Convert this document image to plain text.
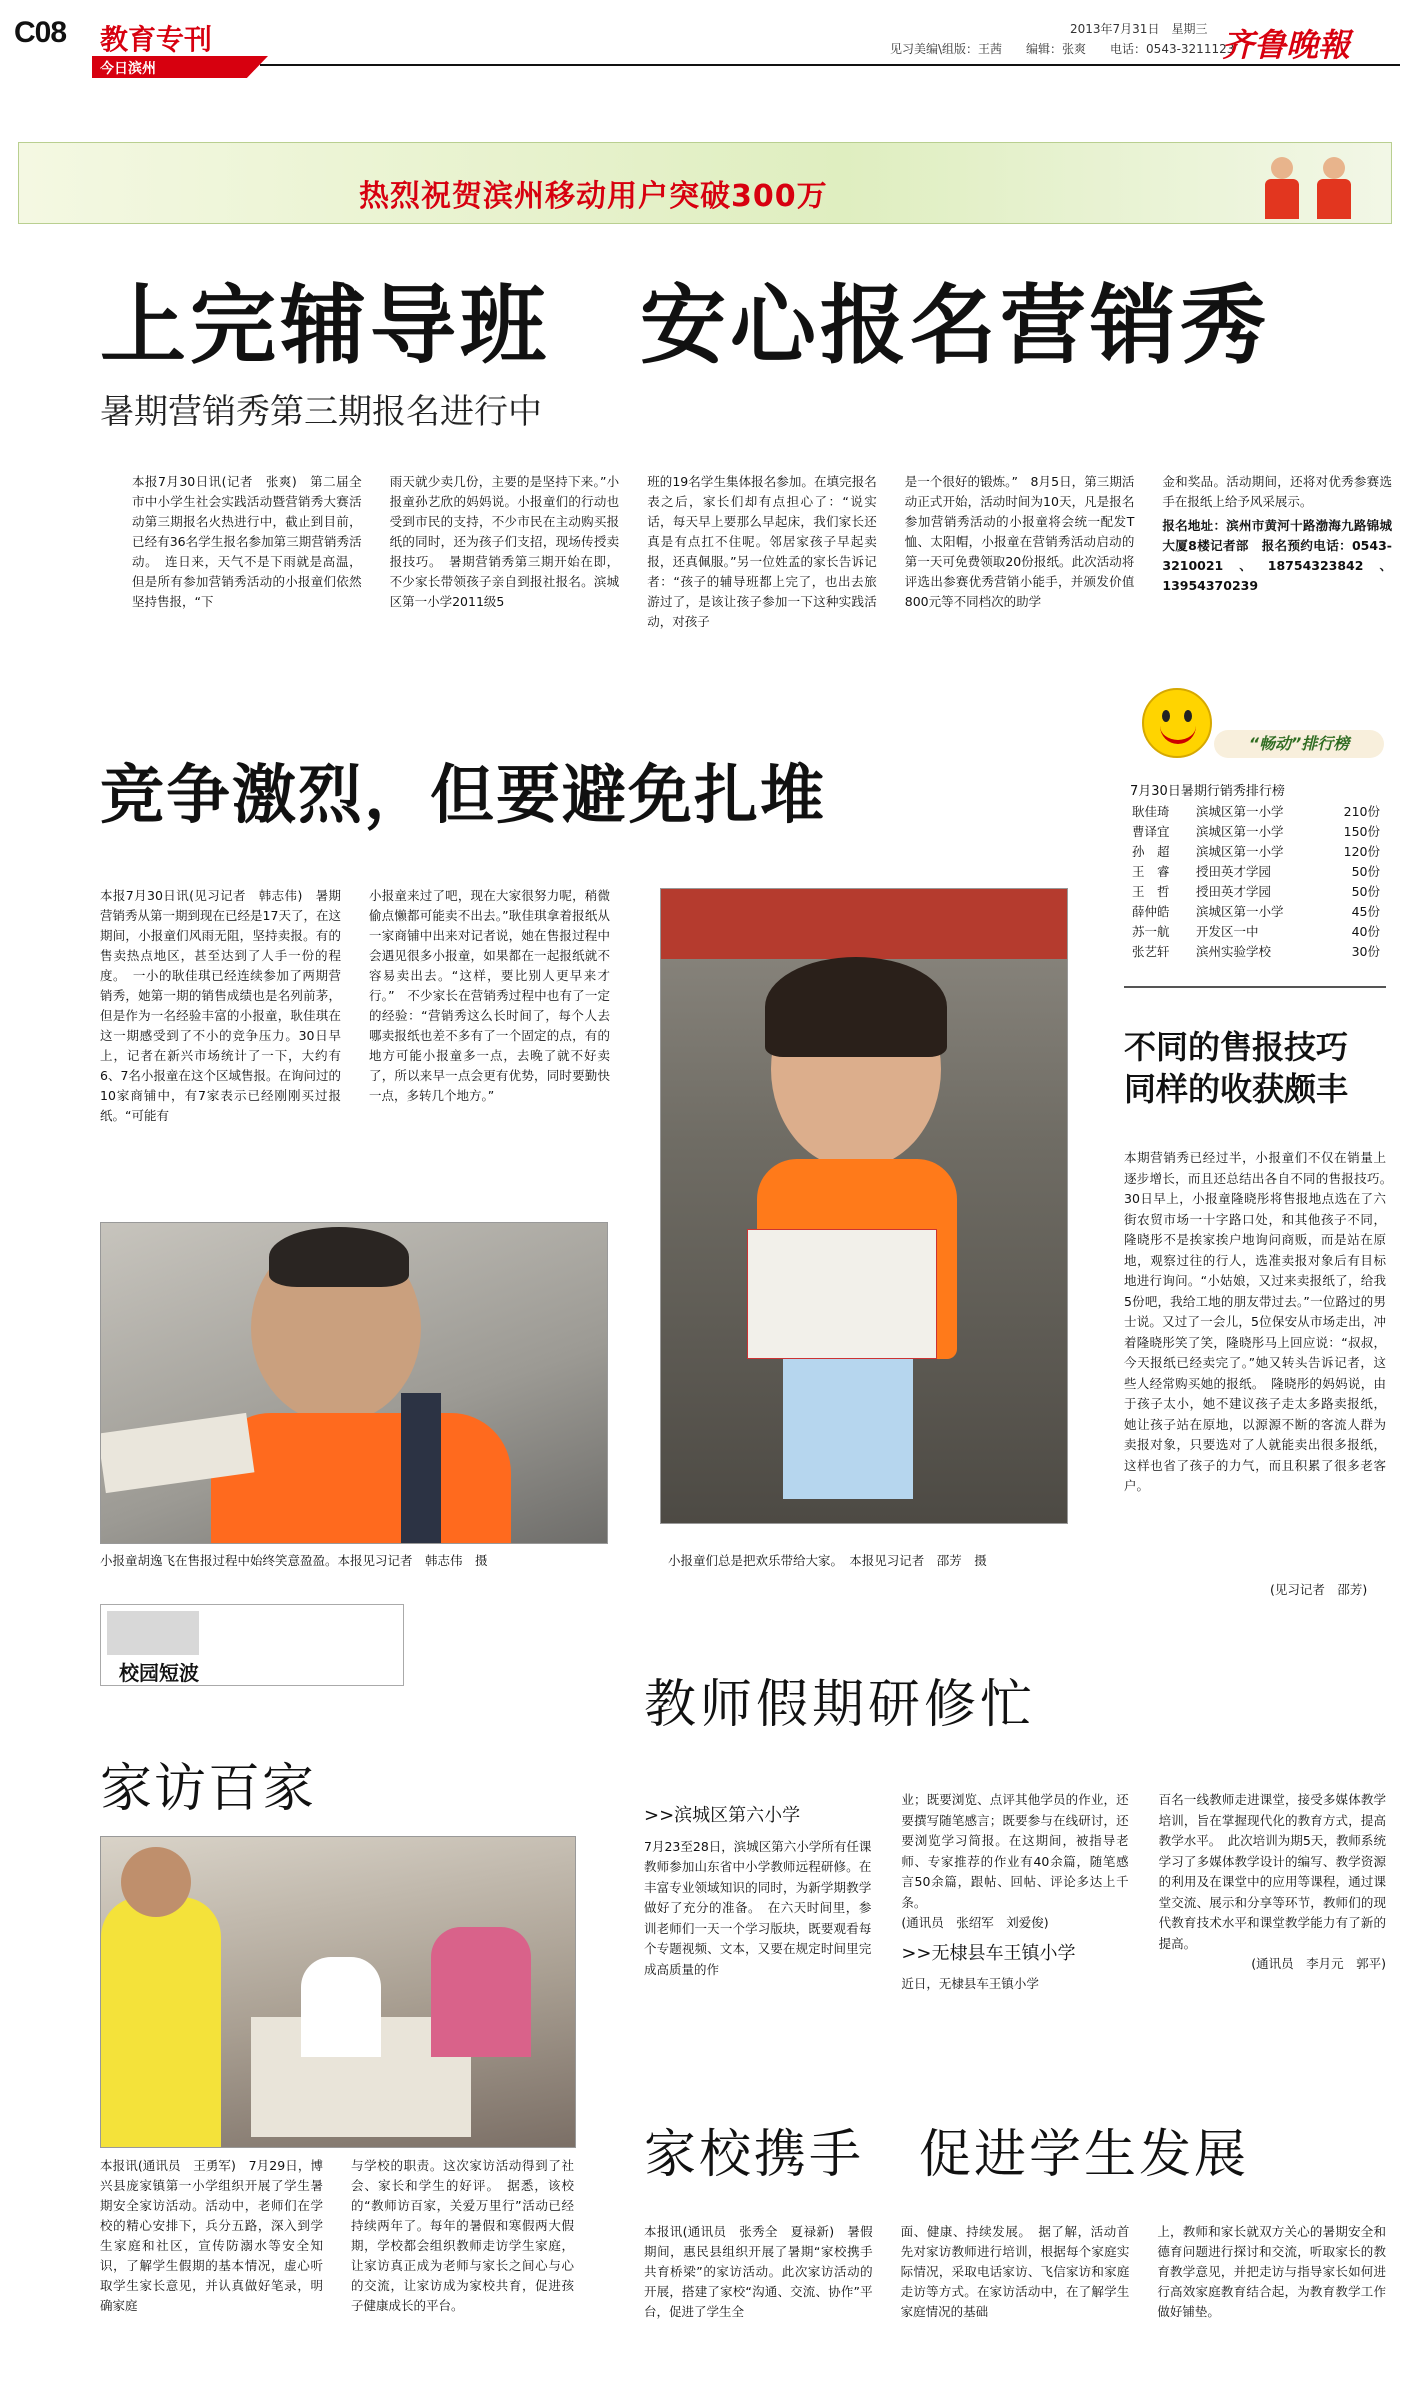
C08 教育专刊
今日滨州
2013年7月31日　星期三
见习美编\组版：王茜　　编辑：张爽　　电话：0543-3211123
齐鲁晚報
热烈祝贺滨州移动用户突破300万
上完辅导班　安心报名营销秀
暑期营销秀第三期报名进行中

本报7月30日讯(记者　张爽)　第二届全市中小学生社会实践活动暨营销秀大赛活动第三期报名火热进行中，截止到目前，已经有36名学生报名参加第三期营销秀活动。　连日来，天气不是下雨就是高温，但是所有参加营销秀活动的小报童们依然坚持售报，“下

雨天就少卖几份，主要的是坚持下来。”小报童孙艺欣的妈妈说。小报童们的行动也受到市民的支持，不少市民在主动购买报纸的同时，还为孩子们支招，现场传授卖报技巧。　暑期营销秀第三期开始在即，不少家长带领孩子亲自到报社报名。滨城区第一小学2011级5

班的19名学生集体报名参加。在填完报名表之后，家长们却有点担心了：“说实话，每天早上要那么早起床，我们家长还真是有点扛不住呢。邻居家孩子早起卖报，还真佩服。”另一位姓孟的家长告诉记者：“孩子的辅导班都上完了，也出去旅游过了，是该让孩子参加一下这种实践活动，对孩子

是一个很好的锻炼。”　8月5日，第三期活动正式开始，活动时间为10天，凡是报名参加营销秀活动的小报童将会统一配发T恤、太阳帽，小报童在营销秀活动启动的第一天可免费领取20份报纸。此次活动将评选出参赛优秀营销小能手，并颁发价值800元等不同档次的助学

金和奖品。活动期间，还将对优秀参赛选手在报纸上给予风采展示。

报名地址：滨州市黄河十路渤海九路锦城大厦8楼记者部　报名预约电话：0543-3210021、18754323842、13954370239

竞争激烈，但要避免扎堆

本报7月30日讯(见习记者　韩志伟)　暑期营销秀从第一期到现在已经是17天了，在这期间，小报童们风雨无阻，坚持卖报。有的售卖热点地区，甚至达到了人手一份的程度。　一小的耿佳琪已经连续参加了两期营销秀，她第一期的销售成绩也是名列前茅，但是作为一名经验丰富的小报童，耿佳琪在这一期感受到了不小的竞争压力。30日早上，记者在新兴市场统计了一下，大约有6、7名小报童在这个区域售报。在询问过的10家商铺中，有7家表示已经刚刚买过报纸。“可能有

小报童来过了吧，现在大家很努力呢，稍微偷点懒都可能卖不出去。”耿佳琪拿着报纸从一家商铺中出来对记者说，她在售报过程中会遇见很多小报童，如果都在一起报纸就不容易卖出去。“这样，要比别人更早来才行。”　不少家长在营销秀过程中也有了一定的经验：“营销秀这么长时间了，每个人去哪卖报纸也差不多有了一个固定的点，有的地方可能小报童多一点，去晚了就不好卖了，所以来早一点会更有优势，同时要勤快一点，多转几个地方。”

小报童胡逸飞在售报过程中始终笑意盈盈。本报见习记者　韩志伟　摄	小报童们总是把欢乐带给大家。　本报见习记者　邵芳　摄
“畅动”排行榜
7月30日暑期行销秀排行榜
耿佳琦	滨城区第一小学	210份
曹译宜	滨城区第一小学	150份
孙　超	滨城区第一小学	120份
王　睿	授田英才学园	50份
王　哲	授田英才学园	50份
薛仲皓	滨城区第一小学	45份
苏一航	开发区一中	40份
张艺轩	滨州实验学校	30份
不同的售报技巧
同样的收获颇丰
本期营销秀已经过半，小报童们不仅在销量上逐步增长，而且还总结出各自不同的售报技巧。　30日早上，小报童隆晓彤将售报地点选在了六街农贸市场一十字路口处，和其他孩子不同，隆晓彤不是挨家挨户地询问商贩，而是站在原地，观察过往的行人，选准卖报对象后有目标地进行询问。“小姑娘，又过来卖报纸了，给我5份吧，我给工地的朋友带过去。”一位路过的男士说。又过了一会儿，5位保安从市场走出，冲着隆晓彤笑了笑，隆晓彤马上回应说：“叔叔，今天报纸已经卖完了。”她又转头告诉记者，这些人经常购买她的报纸。　隆晓彤的妈妈说，由于孩子太小，她不建议孩子走太多路卖报纸，她让孩子站在原地，以源源不断的客流人群为卖报对象，只要选对了人就能卖出很多报纸，这样也省了孩子的力气，而且积累了很多老客户。
(见习记者　邵芳)
校园短波
家访百家

本报讯(通讯员　王勇军)　7月29日，博兴县庞家镇第一小学组织开展了学生暑期安全家访活动。活动中，老师们在学校的精心安排下，兵分五路，深入到学生家庭和社区，宣传防溺水等安全知识，了解学生假期的基本情况，虚心听取学生家长意见，并认真做好笔录，明确家庭

与学校的职责。这次家访活动得到了社会、家长和学生的好评。　据悉，该校的“教师访百家，关爱万里行”活动已经持续两年了。每年的暑假和寒假两大假期，学校都会组织教师走访学生家庭，让家访真正成为老师与家长之间心与心的交流，让家访成为家校共育，促进孩子健康成长的平台。

教师假期研修忙
>>滨城区第六小学

7月23至28日，滨城区第六小学所有任课教师参加山东省中小学教师远程研修。在丰富专业领域知识的同时，为新学期教学做好了充分的准备。　在六天时间里，参训老师们一天一个学习版块，既要观看每个专题视频、文本，又要在规定时间里完成高质量的作

业；既要浏览、点评其他学员的作业，还要撰写随笔感言；既要参与在线研讨，还要浏览学习简报。在这期间，被指导老师、专家推荐的作业有40余篇，随笔感言50余篇，跟帖、回帖、评论多达上千条。

(通讯员　张绍军　刘爱俊)

>>无棣县车王镇小学

近日，无棣县车王镇小学

百名一线教师走进课堂，接受多媒体教学培训，旨在掌握现代化的教育方式，提高教学水平。　此次培训为期5天，教师系统学习了多媒体教学设计的编写、教学资源的利用及在课堂中的应用等课程，通过课堂交流、展示和分享等环节，教师们的现代教育技术水平和课堂教学能力有了新的提高。

(通讯员　李月元　郭平)

家校携手　促进学生发展

本报讯(通讯员　张秀全　夏禄新)　暑假期间，惠民县组织开展了暑期“家校携手共育桥梁”的家访活动。此次家访活动的开展，搭建了家校“沟通、交流、协作”平台，促进了学生全

面、健康、持续发展。　据了解，活动首先对家访教师进行培训，根据每个家庭实际情况，采取电话家访、飞信家访和家庭走访等方式。在家访活动中，在了解学生家庭情况的基础

上，教师和家长就双方关心的暑期安全和德育问题进行探讨和交流，听取家长的教育教学意见，并把走访与指导家长如何进行高效家庭教育结合起，为教育教学工作做好铺垫。
